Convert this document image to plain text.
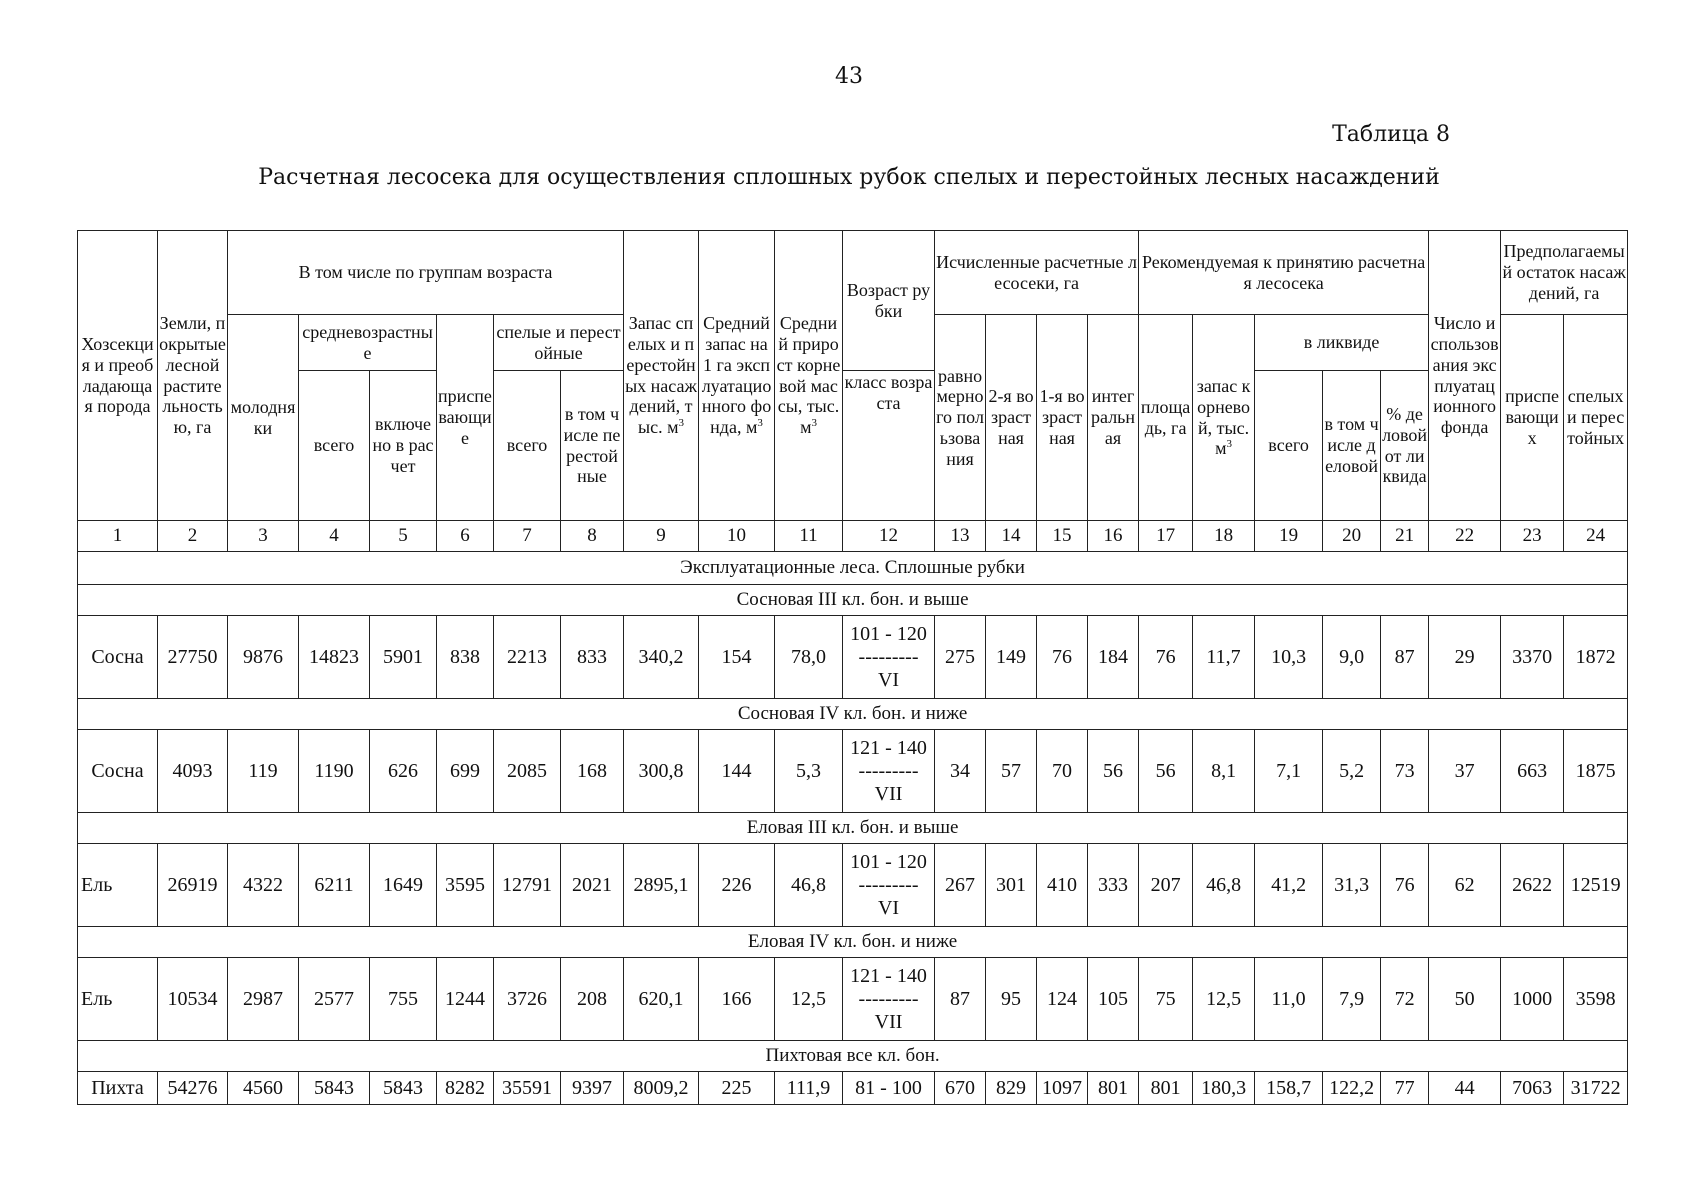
43
Таблица 8
Расчетная лесосека для осуществления сплошных рубок спелых и перестойных лесных насаждений
Хозсекция и преобладающая порода	Земли, покрытые лесной растительностью, га	В том числе по группам возраста						Запас спелых и перестойных насаждений, тыс. $м^3$	Средний запас на 1 га эксплуатационного фонда, $м^3$	Средний прирост корневой массы, тыс. $м^3$	Возраст рубки	Исчисленные расчетные лесосеки, га				Рекомендуемая к принятию расчетная лесосека					Число использования эксплуатационного фонда	Предполагаемый остаток насаждений, га	
		молодняки	средневозрастные		приспевающие	спелые и перестойные						равномерного пользования	2-я возрастная	1-я возрастная	интегральная	площадь, га	запас корневой, тыс. $м^3$	в ликвиде				приспевающих	спелых и перестойных
			всего	включено в расчет		всего	в том числе перестойные				класс возраста							всего	в том числе деловой	% деловой от ликвида			
1	2	3	4	5	6	7	8	9	10	11	12	13	14	15	16	17	18	19	20	21	22	23	24
Эксплуатационные леса. Сплошные рубки																							
Сосновая III кл. бон. и выше																							
Сосна	27750	9876	14823	5901	838	2213	833	340,2	154	78,0	101 - 120
---------
VI	275	149	76	184	76	11,7	10,3	9,0	87	29	3370	1872
Сосновая IV кл. бон. и ниже																							
Сосна	4093	119	1190	626	699	2085	168	300,8	144	5,3	121 - 140
---------
VII	34	57	70	56	56	8,1	7,1	5,2	73	37	663	1875
Еловая III кл. бон. и выше																							
Ель	26919	4322	6211	1649	3595	12791	2021	2895,1	226	46,8	101 - 120
---------
VI	267	301	410	333	207	46,8	41,2	31,3	76	62	2622	12519
Еловая IV кл. бон. и ниже																							
Ель	10534	2987	2577	755	1244	3726	208	620,1	166	12,5	121 - 140
---------
VII	87	95	124	105	75	12,5	11,0	7,9	72	50	1000	3598
Пихтовая все кл. бон.																							
Пихта	54276	4560	5843	5843	8282	35591	9397	8009,2	225	111,9	81 - 100	670	829	1097	801	801	180,3	158,7	122,2	77	44	7063	31722
